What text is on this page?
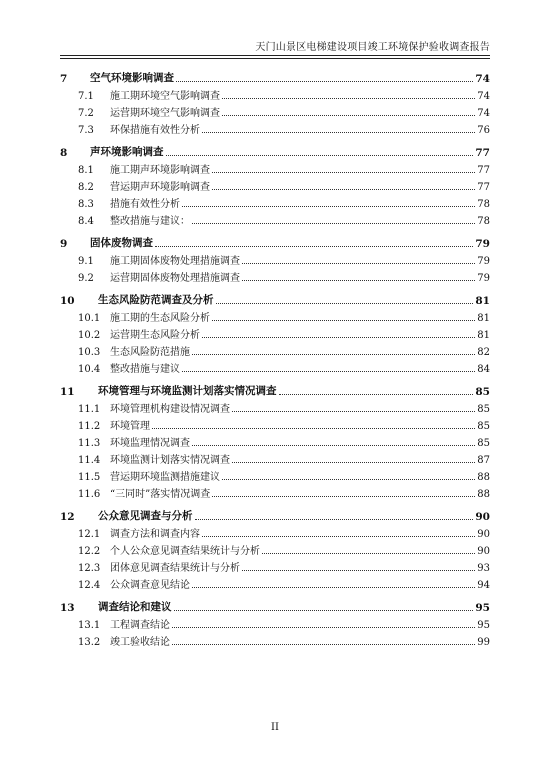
天门山景区电梯建设项目竣工环境保护验收调查报告
7	空气环境影响调查	74
7.1	施工期环境空气影响调查	74
7.2	运营期环境空气影响调查	74
7.3	环保措施有效性分析	76
8	声环境影响调查	77
8.1	施工期声环境影响调查	77
8.2	营运期声环境影响调查	77
8.3	措施有效性分析	78
8.4	整改措施与建议：	78
9	固体废物调查	79
9.1	施工期固体废物处理措施调查	79
9.2	运营期固体废物处理措施调查	79
10	生态风险防范调查及分析	81
10.1 施工期的生态风险分析	81
10.2 运营期生态风险分析	81
10.3 生态风险防范措施	82
10.4 整改措施与建议	84
11	环境管理与环境监测计划落实情况调查	85
11.1 环境管理机构建设情况调查	85
11.2 环境管理	85
11.3 环境监理情况调查	85
11.4 环境监测计划落实情况调查	87
11.5 营运期环境监测措施建议	88
11.6 “三同时”落实情况调查	88
12	公众意见调查与分析	90
12.1 调查方法和调查内容	90
12.2 个人公众意见调查结果统计与分析	90
12.3 团体意见调查结果统计与分析	93
12.4 公众调查意见结论	94
13	调查结论和建议	95
13.1 工程调查结论	95
13.2 竣工验收结论	99
II
